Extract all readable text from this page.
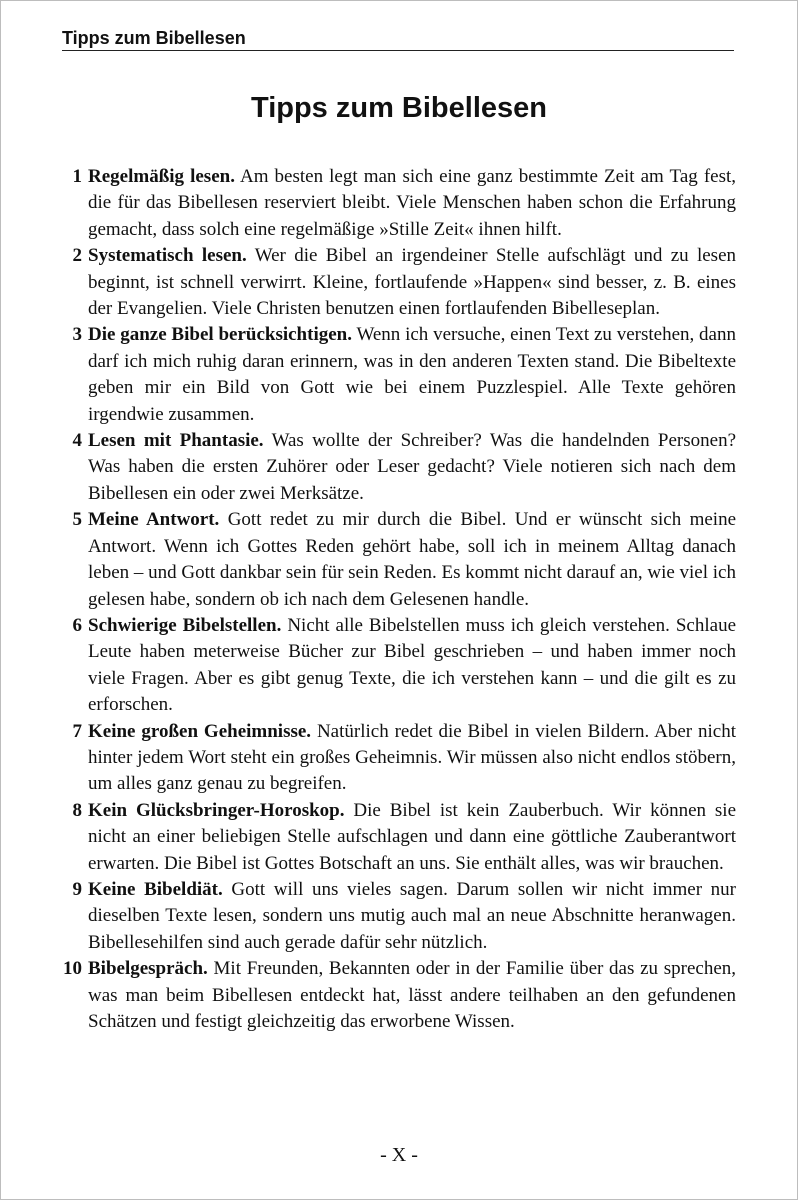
Tipps zum Bibellesen
Tipps zum Bibellesen
1 Regelmäßig lesen. Am besten legt man sich eine ganz bestimmte Zeit am Tag fest, die für das Bibellesen reserviert bleibt. Viele Menschen haben schon die Erfahrung gemacht, dass solch eine regelmäßige »Stille Zeit« ihnen hilft.
2 Systematisch lesen. Wer die Bibel an irgendeiner Stelle aufschlägt und zu lesen beginnt, ist schnell verwirrt. Kleine, fortlaufende »Happen« sind besser, z. B. eines der Evangelien. Viele Christen benutzen einen fortlaufenden Bibelleseplan.
3 Die ganze Bibel berücksichtigen. Wenn ich versuche, einen Text zu verstehen, dann darf ich mich ruhig daran erinnern, was in den anderen Texten stand. Die Bibeltexte geben mir ein Bild von Gott wie bei einem Puzzlespiel. Alle Texte gehören irgendwie zusammen.
4 Lesen mit Phantasie. Was wollte der Schreiber? Was die handelnden Personen? Was haben die ersten Zuhörer oder Leser gedacht? Viele notieren sich nach dem Bibellesen ein oder zwei Merksätze.
5 Meine Antwort. Gott redet zu mir durch die Bibel. Und er wünscht sich meine Antwort. Wenn ich Gottes Reden gehört habe, soll ich in meinem Alltag danach leben – und Gott dankbar sein für sein Reden. Es kommt nicht darauf an, wie viel ich gelesen habe, sondern ob ich nach dem Gelesenen handle.
6 Schwierige Bibelstellen. Nicht alle Bibelstellen muss ich gleich verstehen. Schlaue Leute haben meterweise Bücher zur Bibel geschrieben – und haben immer noch viele Fragen. Aber es gibt genug Texte, die ich verstehen kann – und die gilt es zu erforschen.
7 Keine großen Geheimnisse. Natürlich redet die Bibel in vielen Bildern. Aber nicht hinter jedem Wort steht ein großes Geheimnis. Wir müssen also nicht endlos stöbern, um alles ganz genau zu begreifen.
8 Kein Glücksbringer-Horoskop. Die Bibel ist kein Zauberbuch. Wir können sie nicht an einer beliebigen Stelle aufschlagen und dann eine göttliche Zauberantwort erwarten. Die Bibel ist Gottes Botschaft an uns. Sie enthält alles, was wir brauchen.
9 Keine Bibeldiät. Gott will uns vieles sagen. Darum sollen wir nicht immer nur dieselben Texte lesen, sondern uns mutig auch mal an neue Abschnitte heranwagen. Bibellesehilfen sind auch gerade dafür sehr nützlich.
10 Bibelgespräch. Mit Freunden, Bekannten oder in der Familie über das zu sprechen, was man beim Bibellesen entdeckt hat, lässt andere teilhaben an den gefundenen Schätzen und festigt gleichzeitig das erworbene Wissen.
- X -
